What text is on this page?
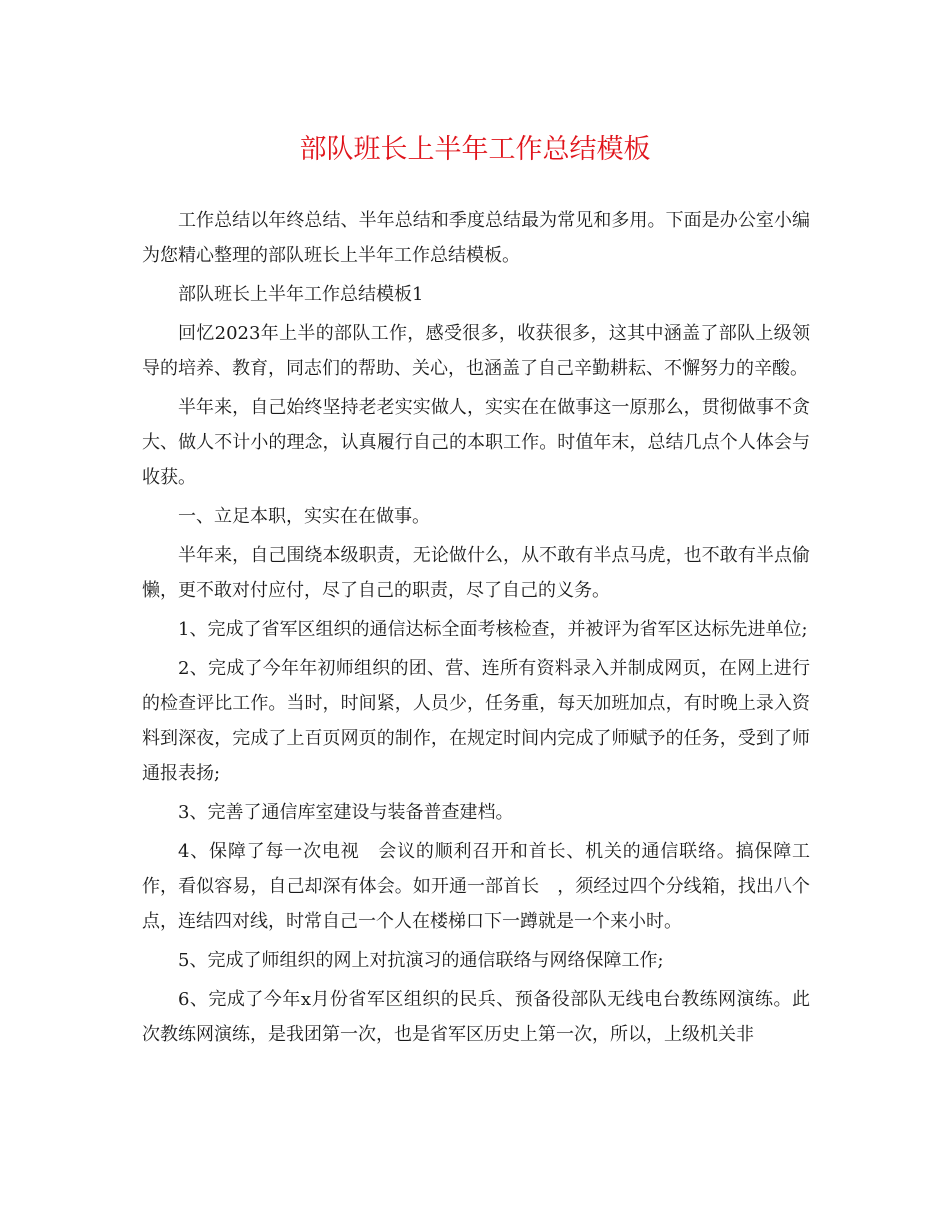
部队班长上半年工作总结模板

工作总结以年终总结、半年总结和季度总结最为常见和多用。下面是办公室小编为您精心整理的部队班长上半年工作总结模板。

部队班长上半年工作总结模板1

回忆2023年上半的部队工作，感受很多，收获很多，这其中涵盖了部队上级领导的培养、教育，同志们的帮助、关心，也涵盖了自己辛勤耕耘、不懈努力的辛酸。

半年来，自己始终坚持老老实实做人，实实在在做事这一原那么，贯彻做事不贪大、做人不计小的理念，认真履行自己的本职工作。时值年末，总结几点个人体会与收获。

一、立足本职，实实在在做事。

半年来，自己围绕本级职责，无论做什么，从不敢有半点马虎，也不敢有半点偷懒，更不敢对付应付，尽了自己的职责，尽了自己的义务。

1、完成了省军区组织的通信达标全面考核检查，并被评为省军区达标先进单位;

2、完成了今年年初师组织的团、营、连所有资料录入并制成网页，在网上进行的检查评比工作。当时，时间紧，人员少，任务重，每天加班加点，有时晚上录入资料到深夜，完成了上百页网页的制作，在规定时间内完成了师赋予的任务，受到了师通报表扬;

3、完善了通信库室建设与装备普查建档。

4、保障了每一次电视　会议的顺利召开和首长、机关的通信联络。搞保障工作，看似容易，自己却深有体会。如开通一部首长　，须经过四个分线箱，找出八个点，连结四对线，时常自己一个人在楼梯口下一蹲就是一个来小时。

5、完成了师组织的网上对抗演习的通信联络与网络保障工作;

6、完成了今年x月份省军区组织的民兵、预备役部队无线电台教练网演练。此次教练网演练，是我团第一次，也是省军区历史上第一次，所以，上级机关非
